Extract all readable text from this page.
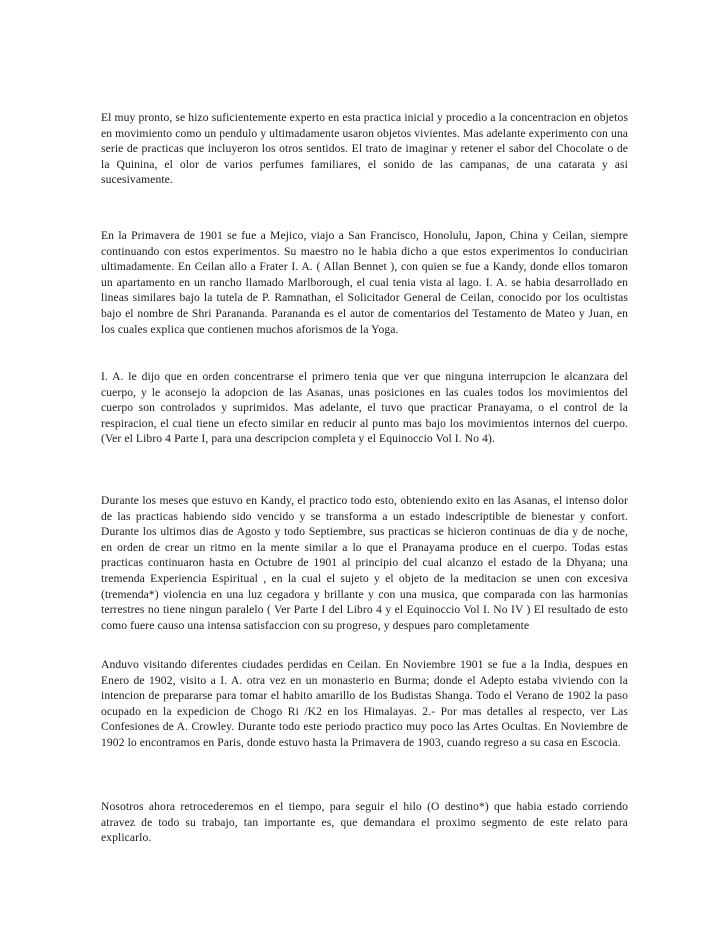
El muy pronto, se hizo suficientemente experto en esta practica inicial y procedio a la concentracion en objetos en movimiento como un pendulo y ultimadamente usaron objetos vivientes. Mas adelante experimento con una serie de practicas que incluyeron los otros sentidos. El trato de imaginar y retener el sabor del Chocolate o de la Quinina, el olor de varios perfumes familiares, el sonido de las campanas, de una catarata y asi sucesivamente.

En la Primavera de 1901 se fue a Mejico, viajo a San Francisco, Honolulu, Japon, China y Ceilan, siempre continuando con estos experimentos. Su maestro no le habia dicho a que estos experimentos lo conducirian ultimadamente. En Ceilan allo a Frater I. A. ( Allan Bennet ), con quien se fue a Kandy, donde ellos tomaron un apartamento en un rancho llamado Marlborough, el cual tenia vista al lago. I. A. se habia desarrollado en lineas similares bajo la tutela de P. Ramnathan, el Solicitador General de Ceilan, conocido por los ocultistas bajo el nombre de Shri Parananda. Parananda es el autor de comentarios del Testamento de Mateo y Juan, en los cuales explica que contienen muchos aforismos de la Yoga.

I. A. le dijo que en orden concentrarse el primero tenia que ver que ninguna interrupcion le alcanzara del cuerpo, y le aconsejo la adopcion de las Asanas, unas posiciones en las cuales todos los movimientos del cuerpo son controlados y suprimidos. Mas adelante, el tuvo que practicar Pranayama, o el control de la respiracion, el cual tiene un efecto similar en reducir al punto mas bajo los movimientos internos del cuerpo. (Ver el Libro 4 Parte I, para una descripcion completa y el Equinoccio Vol I. No 4).

Durante los meses que estuvo en Kandy, el practico todo esto, obteniendo exito en las Asanas, el intenso dolor de las practicas habiendo sido vencido y se transforma a un estado indescriptible de bienestar y confort. Durante los ultimos dias de Agosto y todo Septiembre, sus practicas se hicieron continuas de dia y de noche, en orden de crear un ritmo en la mente similar a lo que el Pranayama produce en el cuerpo. Todas estas practicas continuaron hasta en Octubre de 1901 al principio del cual alcanzo el estado de la Dhyana; una tremenda Experiencia Espiritual , en la cual el sujeto y el objeto de la meditacion se unen con excesiva (tremenda*) violencia en una luz cegadora y brillante y con una musica, que comparada con las harmonias terrestres no tiene ningun paralelo ( Ver Parte I del Libro 4 y el Equinoccio Vol I. No IV ) El resultado de esto como fuere causo una intensa satisfaccion con su progreso, y despues paro completamente

Anduvo visitando diferentes ciudades perdidas en Ceilan. En Noviembre 1901 se fue a la India, despues en Enero de 1902, visito a I. A. otra vez en un monasterio en Burma; donde el Adepto estaba viviendo con la intencion de prepararse para tomar el habito amarillo de los Budistas Shanga. Todo el Verano de 1902 la paso ocupado en la expedicion de Chogo Ri /K2 en los Himalayas. 2.- Por mas detalles al respecto, ver Las Confesiones de A. Crowley. Durante todo este periodo practico muy poco las Artes Ocultas. En Noviembre de 1902 lo encontramos en Paris, donde estuvo hasta la Primavera de 1903, cuando regreso a su casa en Escocia.

Nosotros ahora retrocederemos en el tiempo, para seguir el hilo (O destino*) que habia estado corriendo atravez de todo su trabajo, tan importante es, que demandara el proximo segmento de este relato para explicarlo.
